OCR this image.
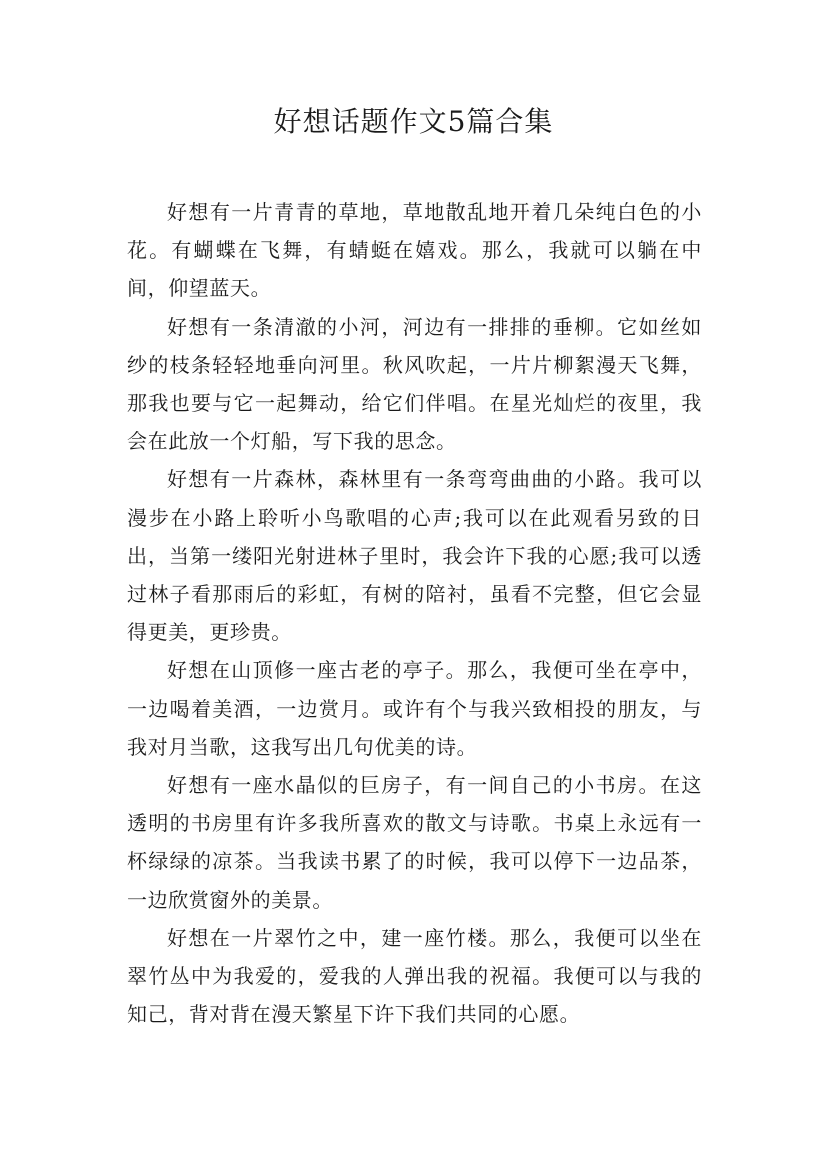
好想话题作文5篇合集

好想有一片青青的草地，草地散乱地开着几朵纯白色的小花。有蝴蝶在飞舞，有蜻蜓在嬉戏。那么，我就可以躺在中间，仰望蓝天。

好想有一条清澈的小河，河边有一排排的垂柳。它如丝如纱的枝条轻轻地垂向河里。秋风吹起，一片片柳絮漫天飞舞，那我也要与它一起舞动，给它们伴唱。在星光灿烂的夜里，我会在此放一个灯船，写下我的思念。

好想有一片森林，森林里有一条弯弯曲曲的小路。我可以漫步在小路上聆听小鸟歌唱的心声;我可以在此观看另致的日出，当第一缕阳光射进林子里时，我会许下我的心愿;我可以透过林子看那雨后的彩虹，有树的陪衬，虽看不完整，但它会显得更美，更珍贵。

好想在山顶修一座古老的亭子。那么，我便可坐在亭中，一边喝着美酒，一边赏月。或许有个与我兴致相投的朋友，与我对月当歌，这我写出几句优美的诗。

好想有一座水晶似的巨房子，有一间自己的小书房。在这透明的书房里有许多我所喜欢的散文与诗歌。书桌上永远有一杯绿绿的凉茶。当我读书累了的时候，我可以停下一边品茶，一边欣赏窗外的美景。

好想在一片翠竹之中，建一座竹楼。那么，我便可以坐在翠竹丛中为我爱的，爱我的人弹出我的祝福。我便可以与我的知己，背对背在漫天繁星下许下我们共同的心愿。
